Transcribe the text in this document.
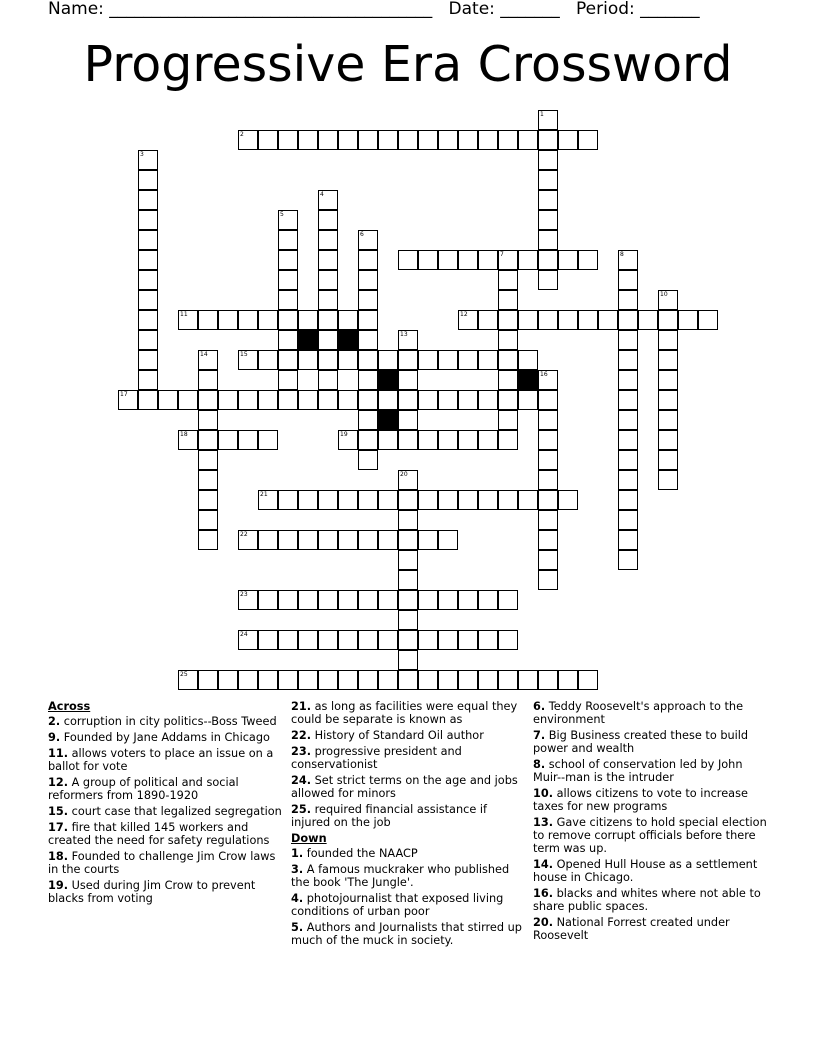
Name: ______________________________________ Date: _______ Period: _______
Progressive Era Crossword
2
7
11	12
15
17
18	19
21
22
23
24
25
1
3
4
5
6
8
10
13
14
16
20
Across
2. corruption in city politics--Boss Tweed
9. Founded by Jane Addams in Chicago
11. allows voters to place an issue on a ballot for vote
12. A group of political and social reformers from 1890-1920
15. court case that legalized segregation
17. fire that killed 145 workers and created the need for safety regulations
18. Founded to challenge Jim Crow laws in the courts
19. Used during Jim Crow to prevent blacks from voting
21. as long as facilities were equal they could be separate is known as
22. History of Standard Oil author
23. progressive president and conservationist
24. Set strict terms on the age and jobs allowed for minors
25. required financial assistance if injured on the job
Down
1. founded the NAACP
3. A famous muckraker who published the book 'The Jungle'.
4. photojournalist that exposed living conditions of urban poor
5. Authors and Journalists that stirred up much of the muck in society.
6. Teddy Roosevelt's approach to the environment
7. Big Business created these to build power and wealth
8. school of conservation led by John Muir--man is the intruder
10. allows citizens to vote to increase taxes for new programs
13. Gave citizens to hold special election to remove corrupt officials before there term was up.
14. Opened Hull House as a settlement house in Chicago.
16. blacks and whites where not able to share public spaces.
20. National Forrest created under Roosevelt
